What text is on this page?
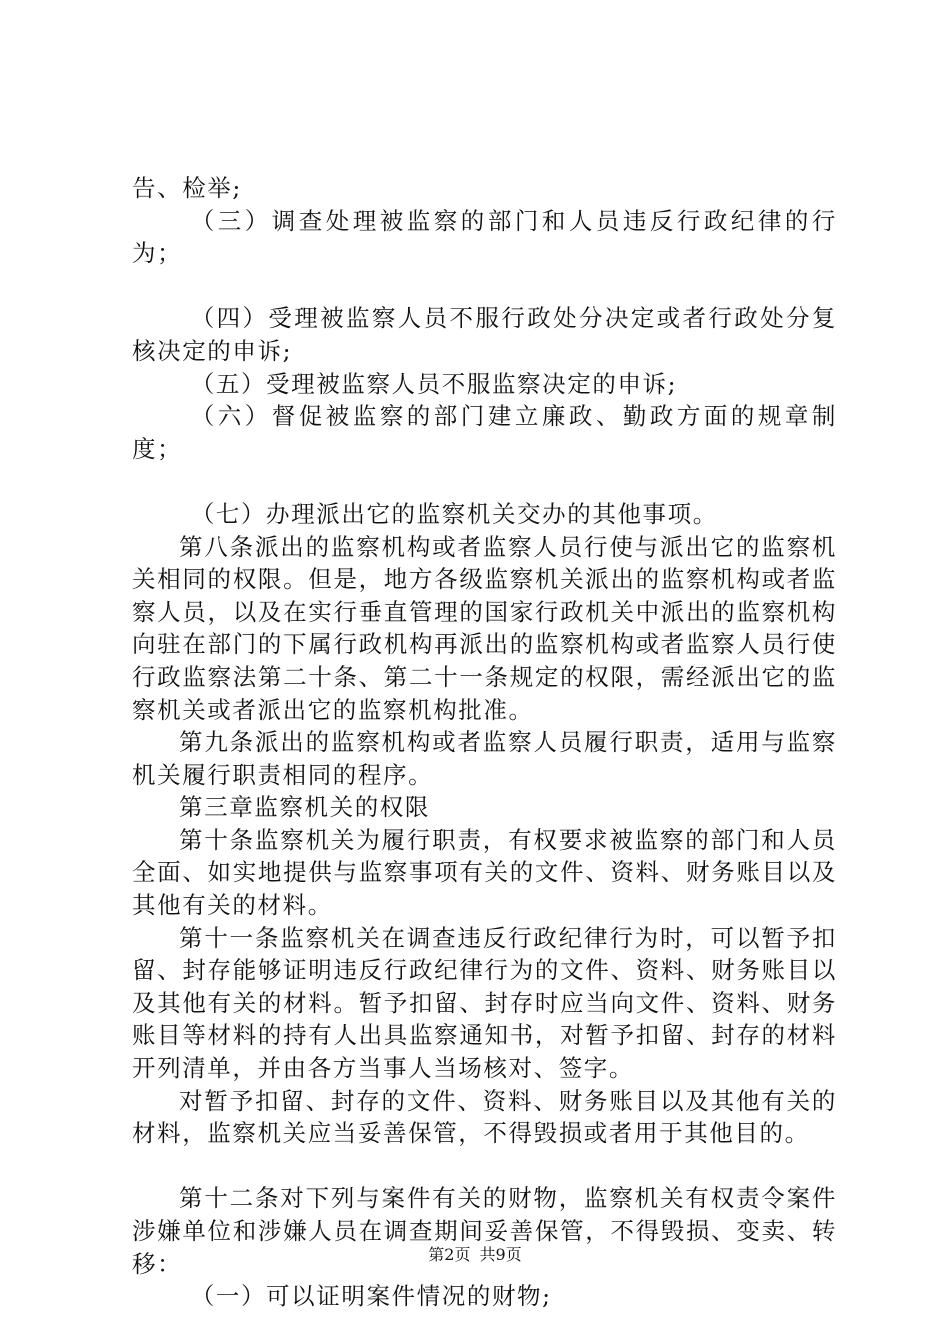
告、检举;

（三）调查处理被监察的部门和人员违反行政纪律的行为；

（四）受理被监察人员不服行政处分决定或者行政处分复核决定的申诉;

（五）受理被监察人员不服监察决定的申诉;

（六）督促被监察的部门建立廉政、勤政方面的规章制度；

（七）办理派出它的监察机关交办的其他事项。

第八条派出的监察机构或者监察人员行使与派出它的监察机关相同的权限。但是，地方各级监察机关派出的监察机构或者监察人员，以及在实行垂直管理的国家行政机关中派出的监察机构向驻在部门的下属行政机构再派出的监察机构或者监察人员行使行政监察法第二十条、第二十一条规定的权限，需经派出它的监察机关或者派出它的监察机构批准。

第九条派出的监察机构或者监察人员履行职责，适用与监察机关履行职责相同的程序。

第三章监察机关的权限

第十条监察机关为履行职责，有权要求被监察的部门和人员全面、如实地提供与监察事项有关的文件、资料、财务账目以及其他有关的材料。

第十一条监察机关在调查违反行政纪律行为时，可以暂予扣留、封存能够证明违反行政纪律行为的文件、资料、财务账目以及其他有关的材料。暂予扣留、封存时应当向文件、资料、财务账目等材料的持有人出具监察通知书，对暂予扣留、封存的材料开列清单，并由各方当事人当场核对、签字。

对暂予扣留、封存的文件、资料、财务账目以及其他有关的材料，监察机关应当妥善保管，不得毁损或者用于其他目的。

第十二条对下列与案件有关的财物，监察机关有权责令案件涉嫌单位和涉嫌人员在调查期间妥善保管，不得毁损、变卖、转移：

（一）可以证明案件情况的财物;

第2页 共9页
